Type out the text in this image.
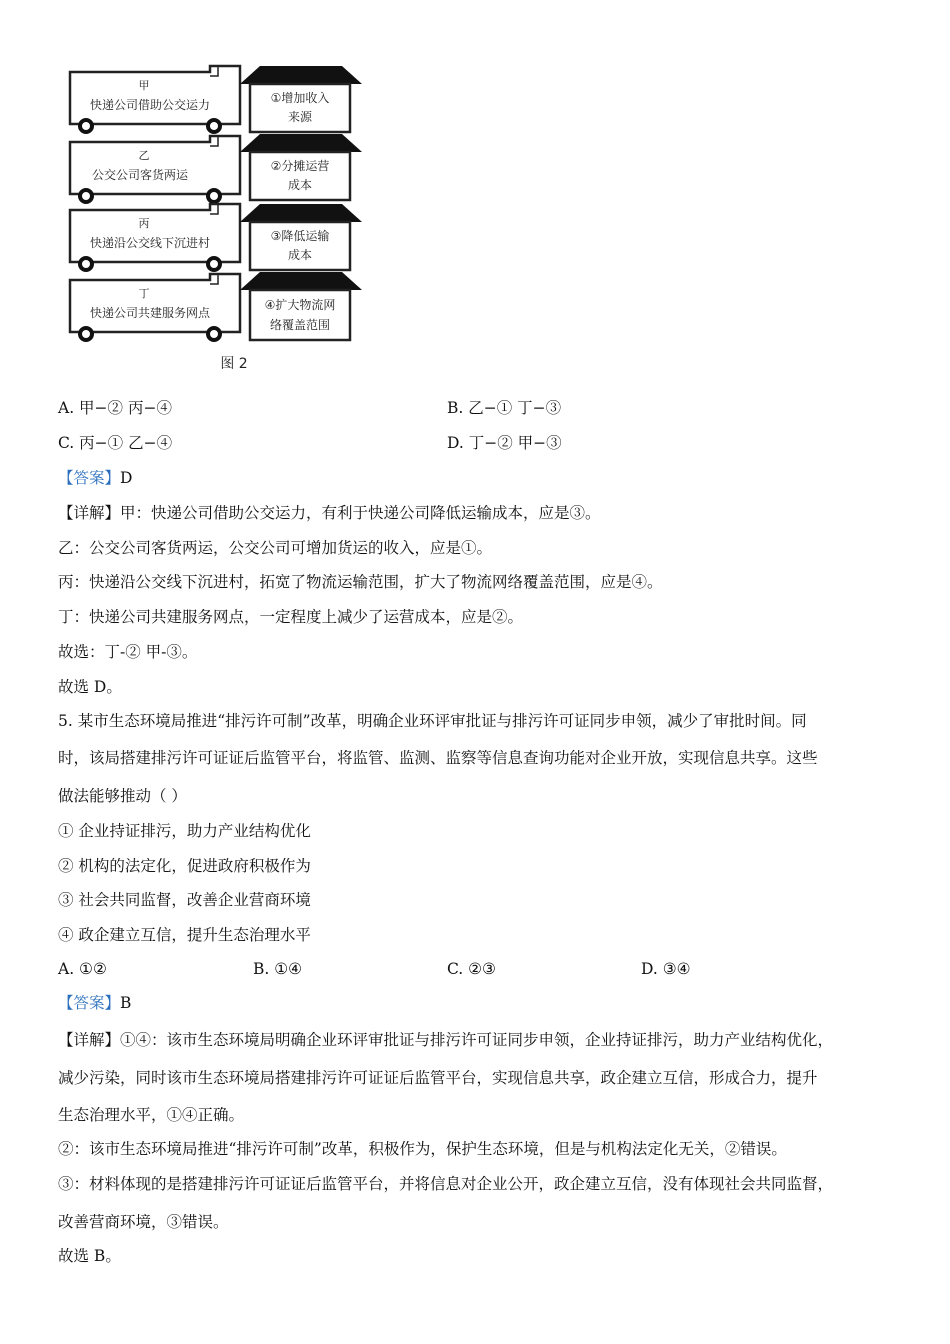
甲
快递公司借助公交运力
乙
公交公司客货两运
丙
快递沿公交线下沉进村
丁
快递公司共建服务网点
①增加收入
来源
②分摊运营
成本
③降低运输
成本
④扩大物流网
络覆盖范围
图 2
A. 甲−② 丙−④	B. 乙−① 丁−③
C. 丙−① 乙−④	D. 丁−② 甲−③
【答案】D
【详解】甲：快递公司借助公交运力，有利于快递公司降低运输成本，应是③。
乙：公交公司客货两运，公交公司可增加货运的收入，应是①。
丙：快递沿公交线下沉进村，拓宽了物流运输范围，扩大了物流网络覆盖范围，应是④。
丁：快递公司共建服务网点，一定程度上减少了运营成本，应是②。
故选：丁-② 甲-③。
故选 D。
5. 某市生态环境局推进“排污许可制”改革，明确企业环评审批证与排污许可证同步申领，减少了审批时间。同
时，该局搭建排污许可证证后监管平台，将监管、监测、监察等信息查询功能对企业开放，实现信息共享。这些
做法能够推动（ ）
① 企业持证排污，助力产业结构优化
② 机构的法定化，促进政府积极作为
③ 社会共同监督，改善企业营商环境
④ 政企建立互信，提升生态治理水平
A. ①②	B. ①④	C. ②③	D. ③④
【答案】B
【详解】①④：该市生态环境局明确企业环评审批证与排污许可证同步申领，企业持证排污，助力产业结构优化，
减少污染，同时该市生态环境局搭建排污许可证证后监管平台，实现信息共享，政企建立互信，形成合力，提升
生态治理水平，①④正确。
②：该市生态环境局推进“排污许可制”改革，积极作为，保护生态环境，但是与机构法定化无关，②错误。
③：材料体现的是搭建排污许可证证后监管平台，并将信息对企业公开，政企建立互信，没有体现社会共同监督，
改善营商环境，③错误。
故选 B。
